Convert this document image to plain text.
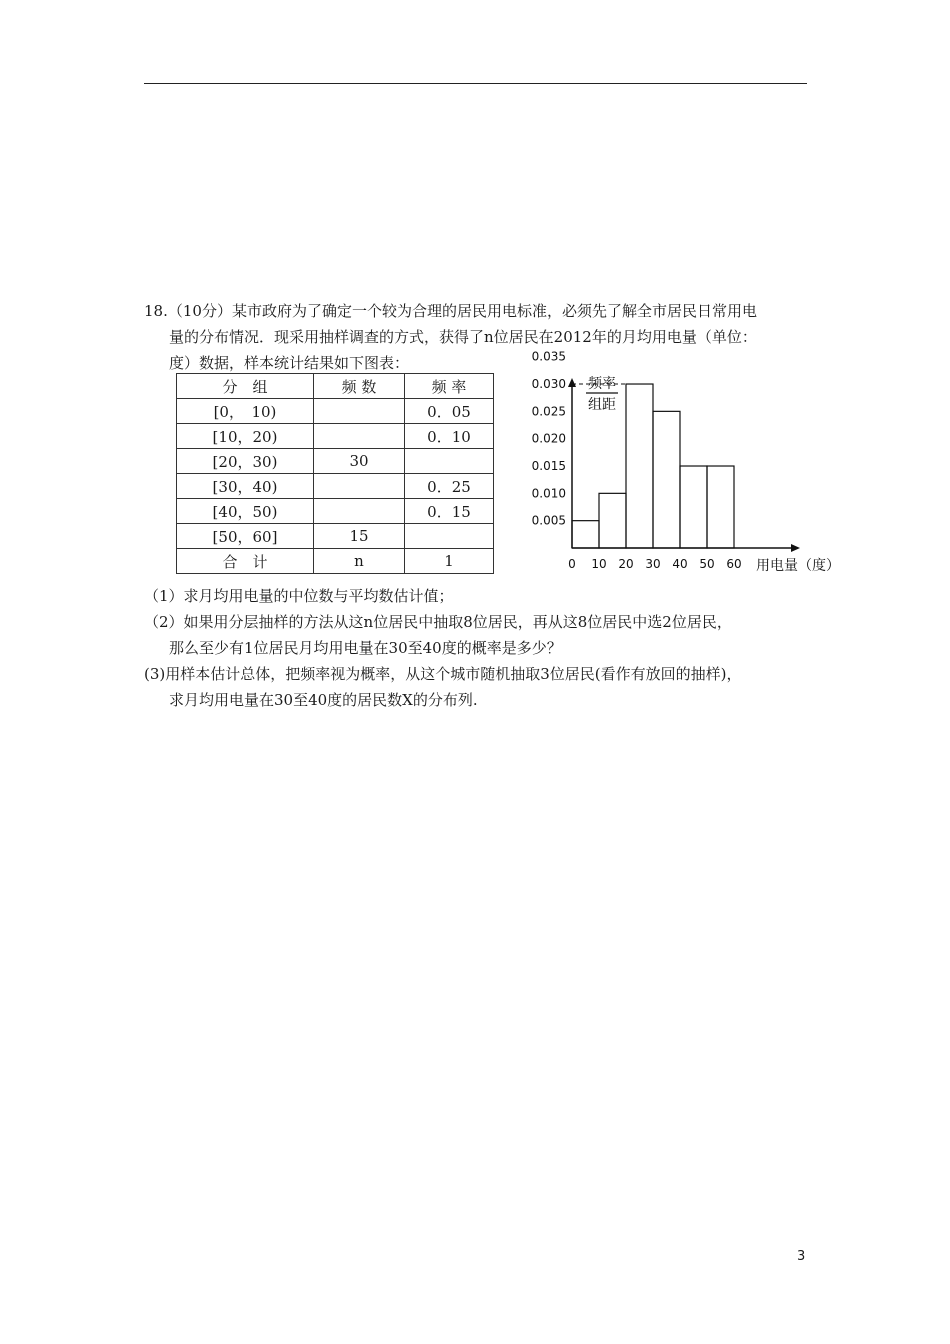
18.（10分）某市政府为了确定一个较为合理的居民用电标准，必须先了解全市居民日常用电

量的分布情况．现采用抽样调查的方式，获得了n位居民在2012年的月均用电量（单位：

度）数据，样本统计结果如下图表：

分　组	频 数	频 率
[0，　10)		0．05
[10，20)		0．10
[20，30)	30	
[30，40)		0．25
[40，50)		0．15
[50，60]	15	
合　计	n	1
0.005
0.010
0.015
0.020
0.025
0.030
0.035
0 10 20 30 40 50 60 用电量（度）
频率
组距

（1）求月均用电量的中位数与平均数估计值；

（2）如果用分层抽样的方法从这n位居民中抽取8位居民，再从这8位居民中选2位居民，

那么至少有1位居民月均用电量在30至40度的概率是多少？

(3)用样本估计总体，把频率视为概率，从这个城市随机抽取3位居民(看作有放回的抽样)，

求月均用电量在30至40度的居民数X的分布列.

3
